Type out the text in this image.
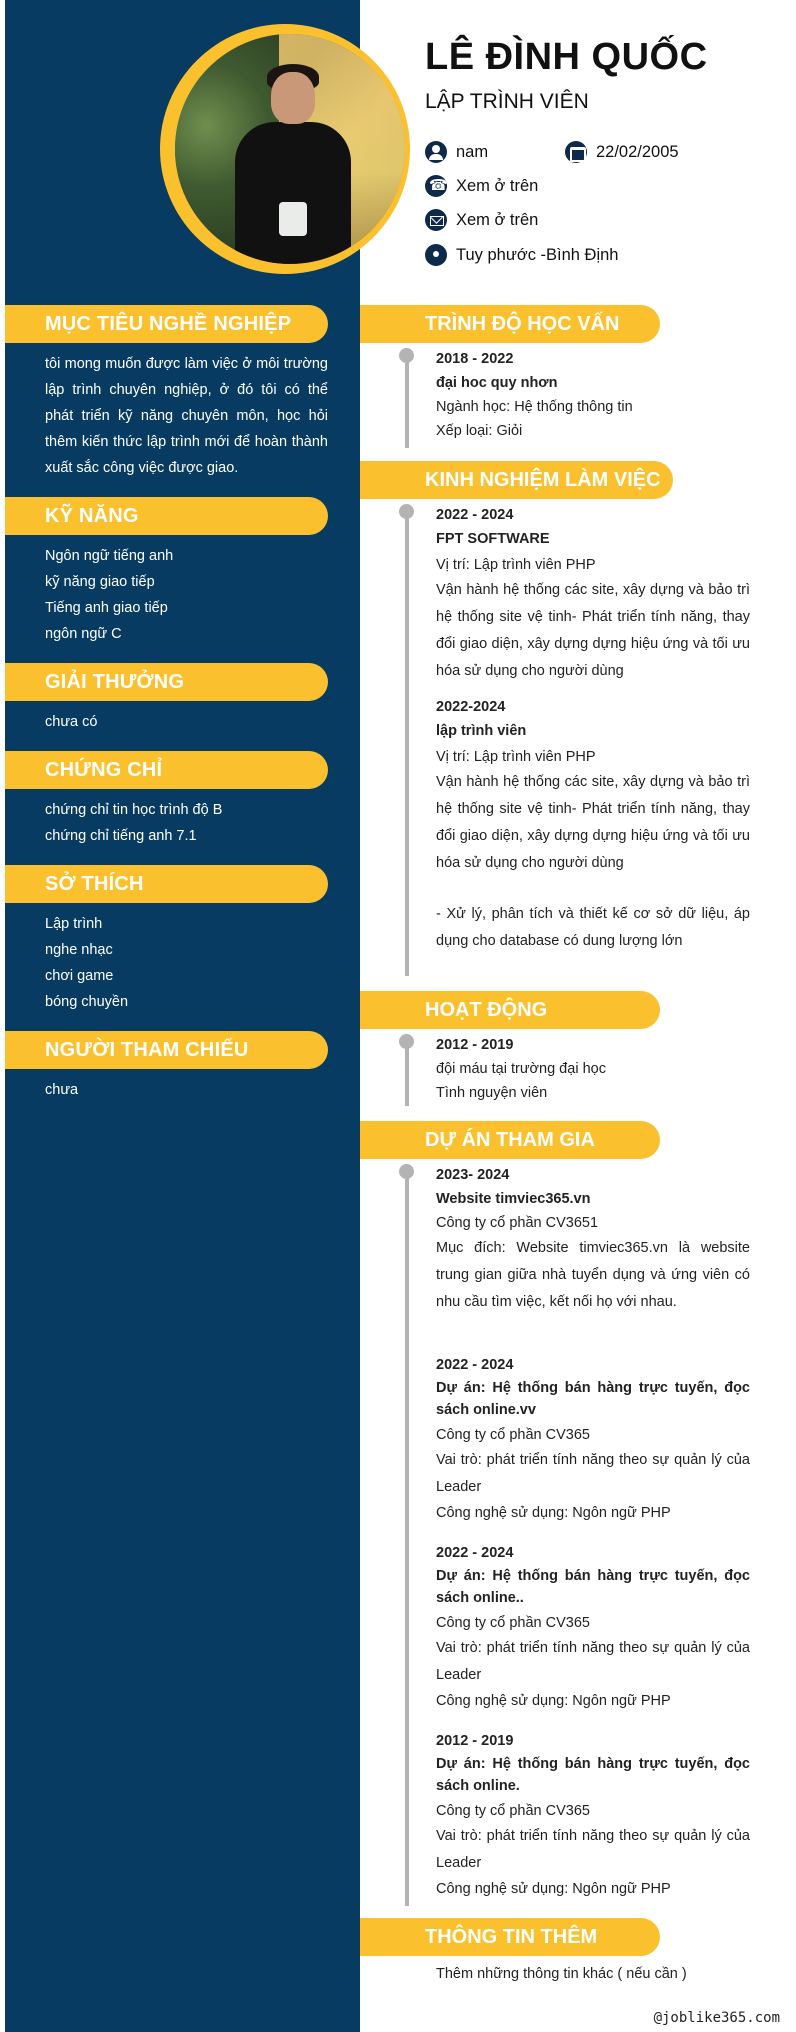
LÊ ĐÌNH QUỐC
LẬP TRÌNH VIÊN
nam	22/02/2005
☎
Xem ở trên
Xem ở trên
Tuy phước -Bình Định
MỤC TIÊU NGHỀ NGHIỆP
tôi mong muốn được làm việc ở môi trường lập trình chuyên nghiệp, ở đó tôi có thể phát triển kỹ năng chuyên môn, học hỏi thêm kiến thức lập trình mới để hoàn thành xuất sắc công việc được giao.
KỸ NĂNG
Ngôn ngữ tiếng anh
kỹ năng giao tiếp
Tiếng anh giao tiếp
ngôn ngữ C
GIẢI THƯỞNG
chưa có
CHỨNG CHỈ
chứng chỉ tin học trình độ B
chứng chỉ tiếng anh 7.1
SỞ THÍCH
Lập trình
nghe nhạc
chơi game
bóng chuyền
NGƯỜI THAM CHIẾU
chưa
TRÌNH ĐỘ HỌC VẤN
2018 - 2022
đại hoc quy nhơn
Ngành học: Hệ thống thông tin
Xếp loại: Giỏi
KINH NGHIỆM LÀM VIỆC
2022 - 2024
FPT SOFTWARE
Vị trí: Lập trình viên PHP
Vận hành hệ thống các site, xây dựng và bảo trì hệ thống site vệ tinh- Phát triển tính năng, thay đổi giao diện, xây dựng dựng hiệu ứng và tối ưu hóa sử dụng cho người dùng
2022-2024
lập trình viên
Vị trí: Lập trình viên PHP
Vận hành hệ thống các site, xây dựng và bảo trì hệ thống site vệ tinh- Phát triển tính năng, thay đổi giao diện, xây dựng dựng hiệu ứng và tối ưu hóa sử dụng cho người dùng
- Xử lý, phân tích và thiết kế cơ sở dữ liệu, áp dụng cho database có dung lượng lớn
HOẠT ĐỘNG
2012 - 2019
đội máu tại trường đại học
Tình nguyện viên
DỰ ÁN THAM GIA
2023- 2024
Website timviec365.vn
Công ty cổ phần CV3651
Mục đích: Website timviec365.vn là website trung gian giữa nhà tuyển dụng và ứng viên có nhu cầu tìm việc, kết nối họ với nhau.
2022 - 2024
Dự án: Hệ thống bán hàng trực tuyến, đọc sách online.vv
Công ty cổ phần CV365
Vai trò: phát triển tính năng theo sự quản lý của Leader
Công nghệ sử dụng: Ngôn ngữ PHP
2022 - 2024
Dự án: Hệ thống bán hàng trực tuyến, đọc sách online..
Công ty cổ phần CV365
Vai trò: phát triển tính năng theo sự quản lý của Leader
Công nghệ sử dụng: Ngôn ngữ PHP
2012 - 2019
Dự án: Hệ thống bán hàng trực tuyến, đọc sách online.
Công ty cổ phần CV365
Vai trò: phát triển tính năng theo sự quản lý của Leader
Công nghệ sử dụng: Ngôn ngữ PHP
THÔNG TIN THÊM
Thêm những thông tin khác ( nếu cần )
@joblike365.com
